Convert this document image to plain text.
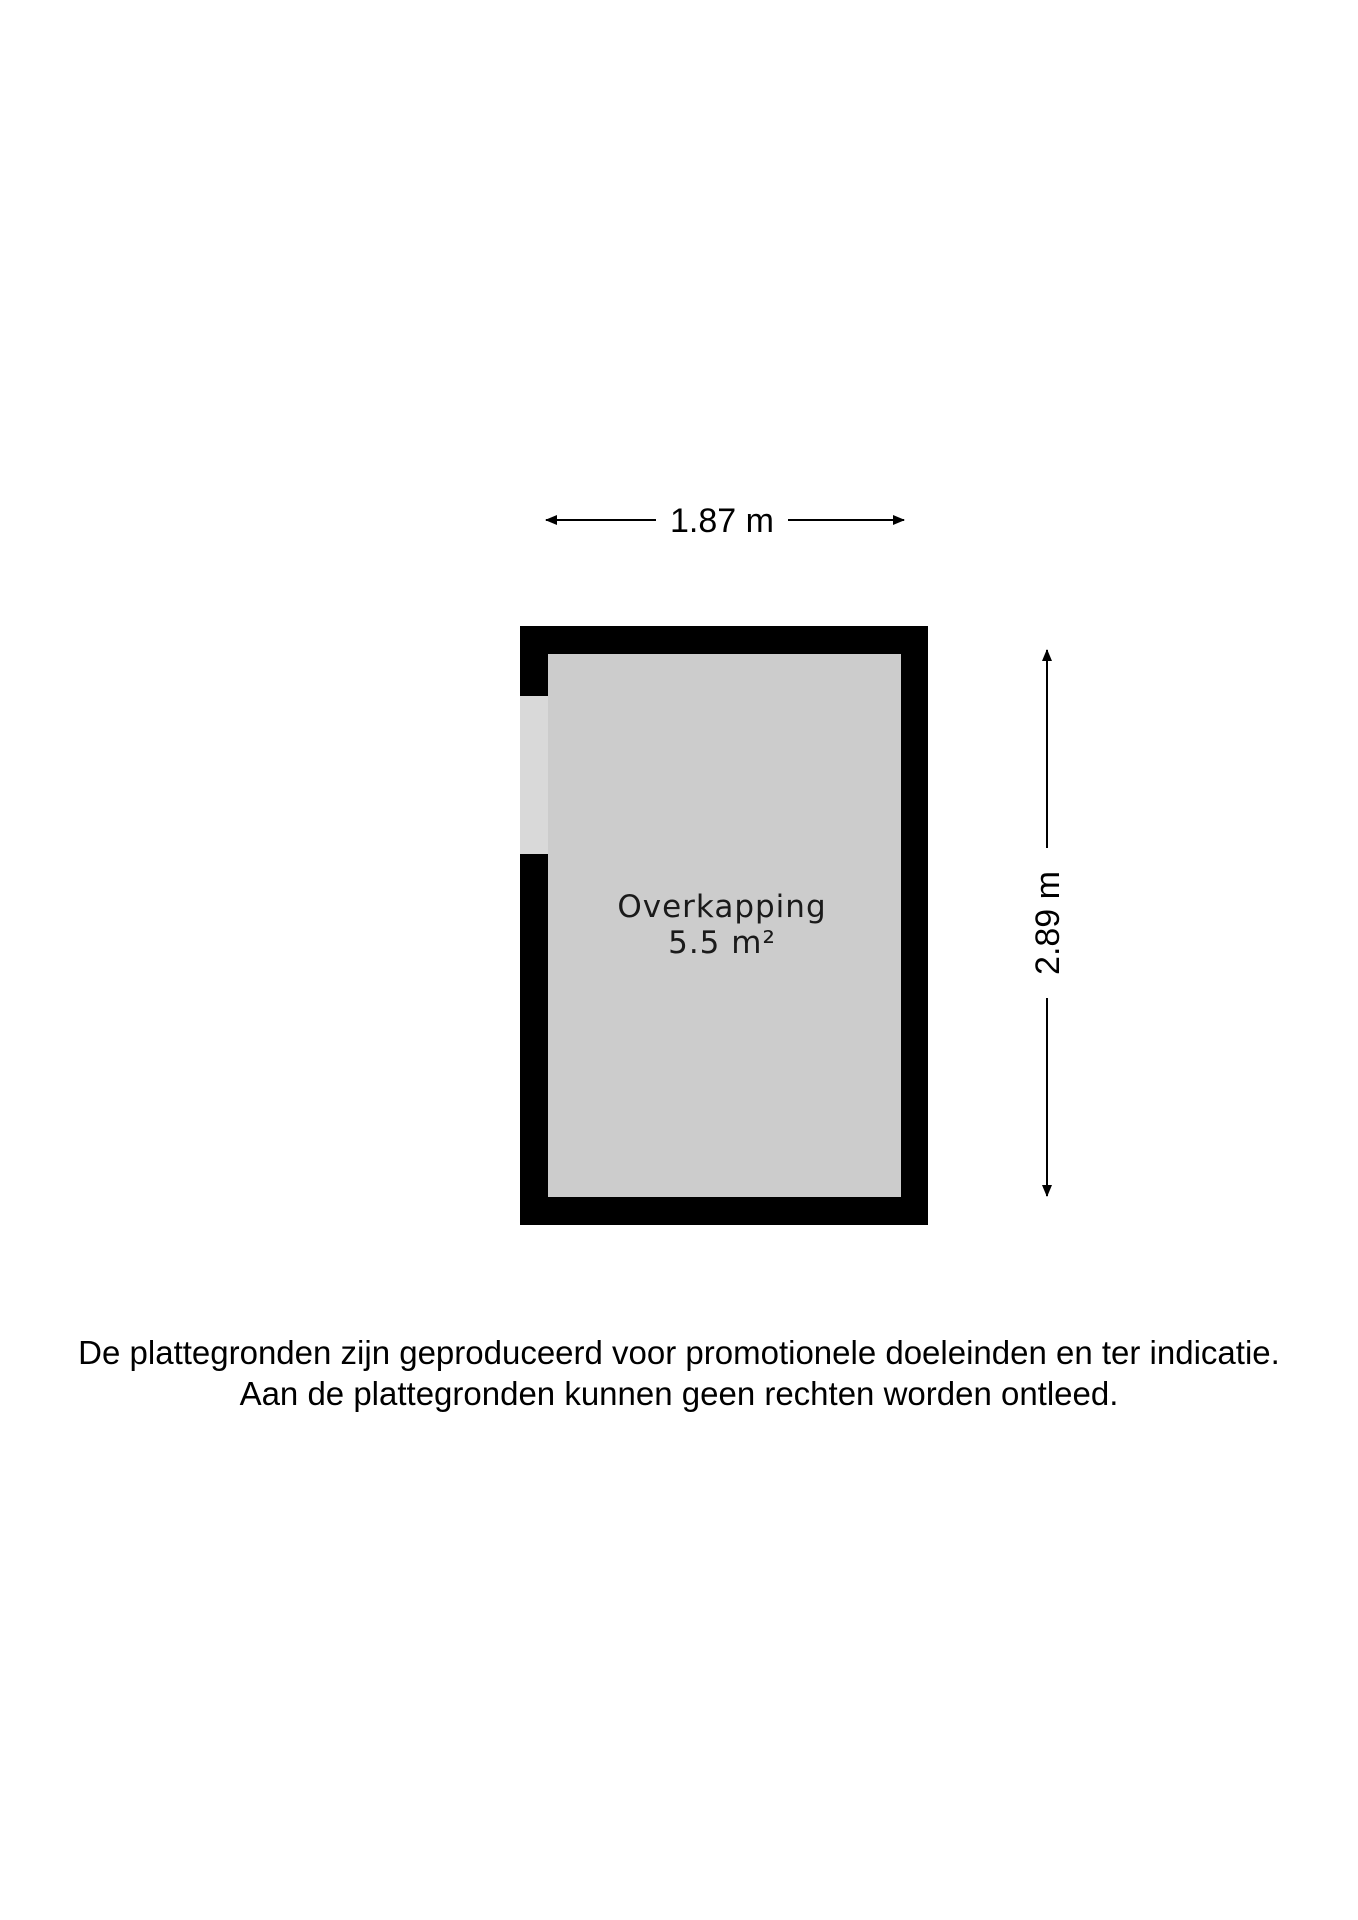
1.87 m
2.89 m
Overkapping
5.5 m²
De plattegronden zijn geproduceerd voor promotionele doeleinden en ter indicatie.
Aan de plattegronden kunnen geen rechten worden ontleed.
